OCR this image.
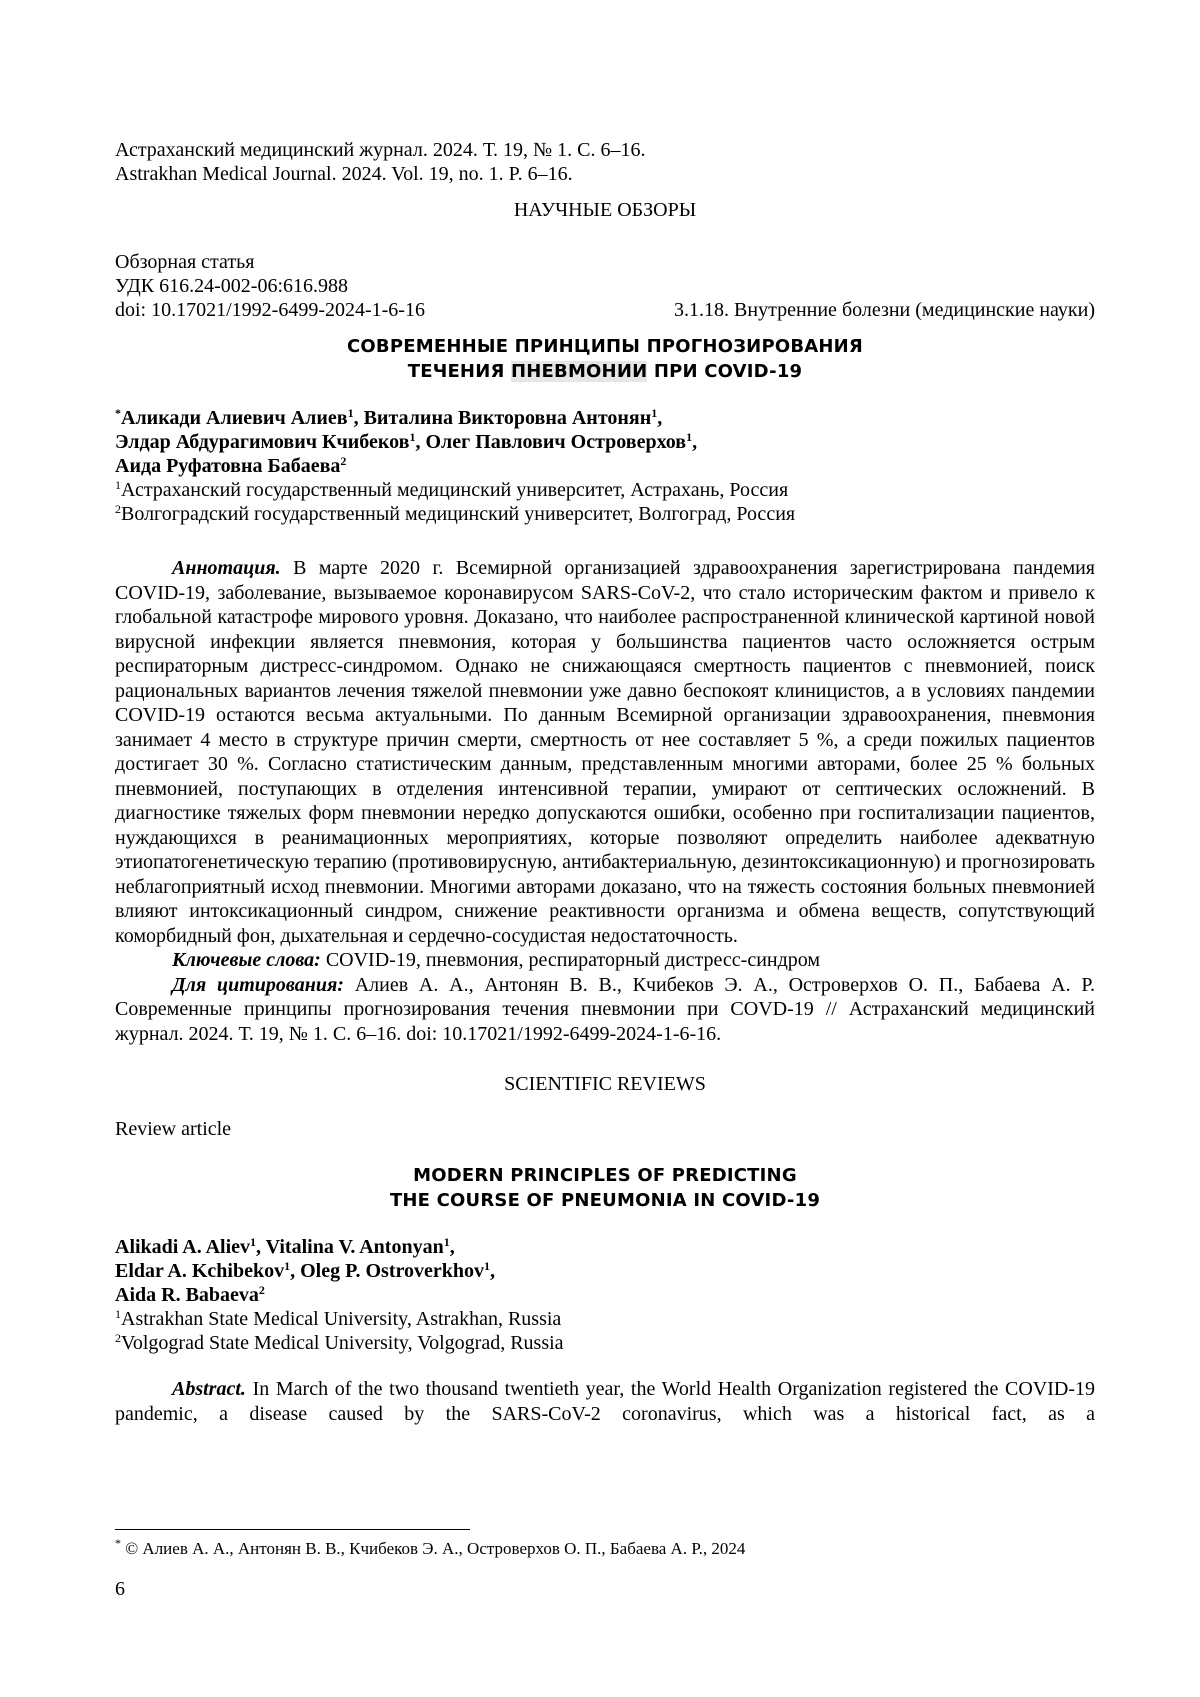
Астраханский медицинский журнал. 2024. Т. 19, № 1. С. 6–16.
Astrakhan Medical Journal. 2024. Vol. 19, no. 1. P. 6–16.
НАУЧНЫЕ ОБЗОРЫ
Обзорная статья
УДК 616.24-002-06:616.988
doi: 10.17021/1992-6499-2024-1-6-16	3.1.18. Внутренние болезни (медицинские науки)
СОВРЕМЕННЫЕ ПРИНЦИПЫ ПРОГНОЗИРОВАНИЯ
ТЕЧЕНИЯ ПНЕВМОНИИ ПРИ COVID-19
*Аликади Алиевич Алиев$^1$, Виталина Викторовна Антонян$^1$,
Элдар Абдурагимович Кчибеков$^1$, Олег Павлович Островерхов$^1$,
Аида Руфатовна Бабаева$^2$
$^1$Астраханский государственный медицинский университет, Астрахань, Россия
$^2$Волгоградский государственный медицинский университет, Волгоград, Россия

Аннотация. В марте 2020 г. Всемирной организацией здравоохранения зарегистрирована пандемия COVID-19, заболевание, вызываемое коронавирусом SARS-CoV-2, что стало историческим фактом и привело к глобальной катастрофе мирового уровня. Доказано, что наиболее распространенной клинической картиной новой вирусной инфекции является пневмония, которая у большинства пациентов часто осложняется острым респираторным дистресс-синдромом. Однако не снижающаяся смертность пациентов с пневмонией, поиск рациональных вариантов лечения тяжелой пневмонии уже давно беспокоят клиницистов, а в условиях пандемии COVID-19 остаются весьма актуальными. По данным Всемирной организации здравоохранения, пневмония занимает 4 место в структуре причин смерти, смертность от нее составляет 5 %, а среди пожилых пациентов достигает 30 %. Согласно статистическим данным, представленным многими авторами, более 25 % больных пневмонией, поступающих в отделения интенсивной терапии, умирают от септических осложнений. В диагностике тяжелых форм пневмонии нередко допускаются ошибки, особенно при госпитализации пациентов, нуждающихся в реанимационных мероприятиях, которые позволяют определить наиболее адекватную этиопатогенетическую терапию (противовирусную, антибактериальную, дезинтоксикационную) и прогнозировать неблагоприятный исход пневмонии. Многими авторами доказано, что на тяжесть состояния больных пневмонией влияют интоксикационный синдром, снижение реактивности организма и обмена веществ, сопутствующий коморбидный фон, дыхательная и сердечно-сосудистая недостаточность.

Ключевые слова: COVID-19, пневмония, респираторный дистресс-синдром

Для цитирования: Алиев А. А., Антонян В. В., Кчибеков Э. А., Островерхов О. П., Бабаева А. Р. Современные принципы прогнозирования течения пневмонии при COVD-19 // Астраханский медицинский журнал. 2024. Т. 19, № 1. С. 6–16. doi: 10.17021/1992-6499-2024-1-6-16.

SCIENTIFIC REVIEWS
Review article
MODERN PRINCIPLES OF PREDICTING
THE COURSE OF PNEUMONIA IN COVID-19
Alikadi A. Aliev$^1$, Vitalina V. Antonyan$^1$,
Eldar A. Kchibekov$^1$, Oleg P. Ostroverkhov$^1$,
Aida R. Babaeva$^2$
$^1$Astrakhan State Medical University, Astrakhan, Russia
$^2$Volgograd State Medical University, Volgograd, Russia

Abstract. In March of the two thousand twentieth year, the World Health Organization registered the COVID-19 pandemic, a disease caused by the SARS-CoV-2 coronavirus, which was a historical fact, as a

* © Алиев А. А., Антонян В. В., Кчибеков Э. А., Островерхов О. П., Бабаева А. Р., 2024
6
